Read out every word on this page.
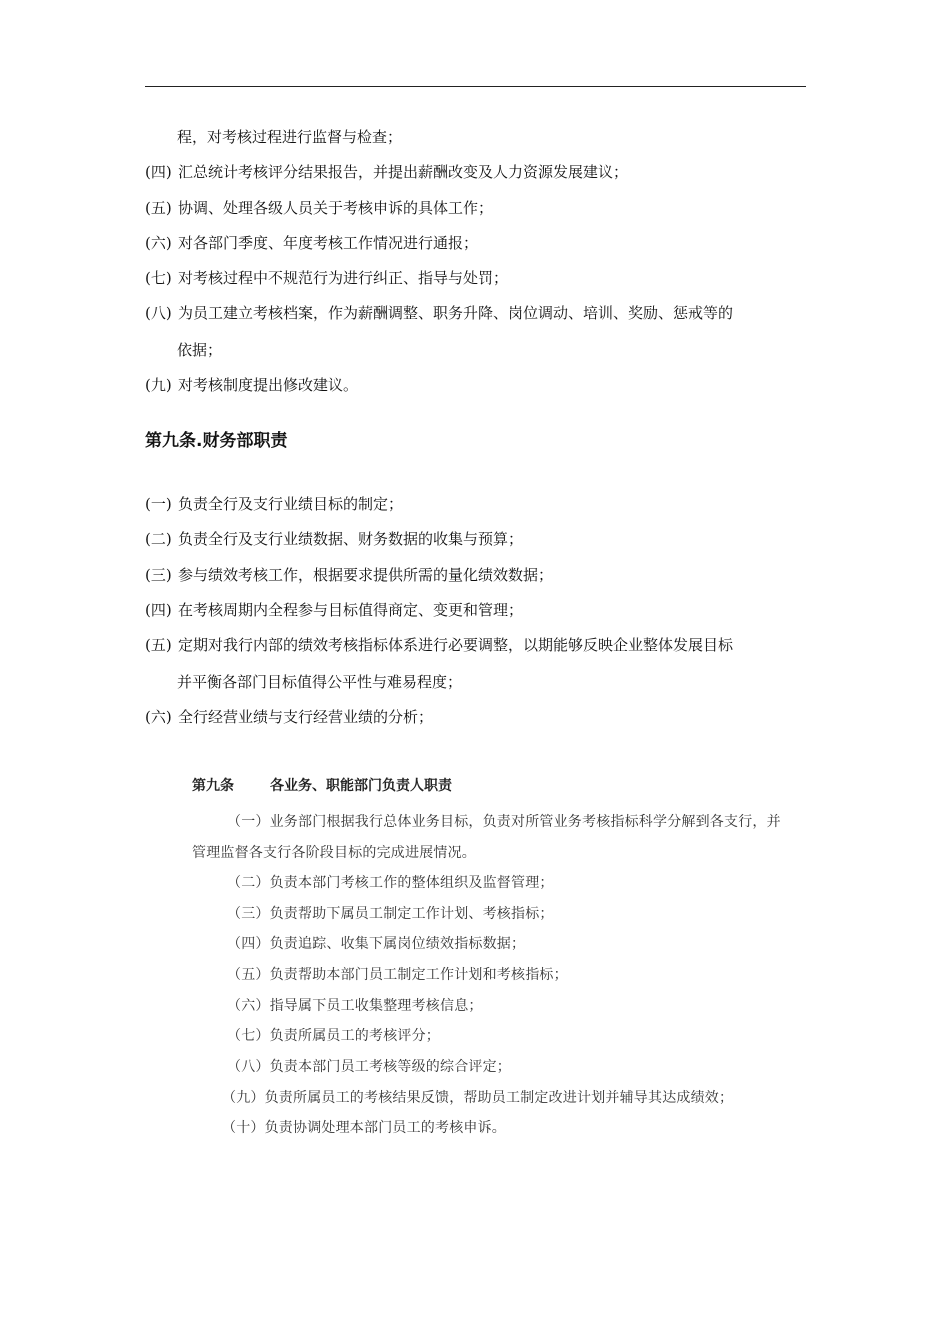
程，对考核过程进行监督与检查；
(四) 汇总统计考核评分结果报告，并提出薪酬改变及人力资源发展建议；
(五) 协调、处理各级人员关于考核申诉的具体工作；
(六) 对各部门季度、年度考核工作情况进行通报；
(七) 对考核过程中不规范行为进行纠正、指导与处罚；
(八) 为员工建立考核档案，作为薪酬调整、职务升降、岗位调动、培训、奖励、惩戒等的
依据；
(九) 对考核制度提出修改建议。
第九条.财务部职责
(一) 负责全行及支行业绩目标的制定；
(二) 负责全行及支行业绩数据、财务数据的收集与预算；
(三) 参与绩效考核工作，根据要求提供所需的量化绩效数据；
(四) 在考核周期内全程参与目标值得商定、变更和管理；
(五) 定期对我行内部的绩效考核指标体系进行必要调整，以期能够反映企业整体发展目标
并平衡各部门目标值得公平性与难易程度；
(六) 全行经营业绩与支行经营业绩的分析；
第九条	各业务、职能部门负责人职责
（一）业务部门根据我行总体业务目标，负责对所管业务考核指标科学分解到各支行，并
管理监督各支行各阶段目标的完成进展情况。
（二）负责本部门考核工作的整体组织及监督管理；
（三）负责帮助下属员工制定工作计划、考核指标；
（四）负责追踪、收集下属岗位绩效指标数据；
（五）负责帮助本部门员工制定工作计划和考核指标；
（六）指导属下员工收集整理考核信息；
（七）负责所属员工的考核评分；
（八）负责本部门员工考核等级的综合评定；
（九）负责所属员工的考核结果反馈，帮助员工制定改进计划并辅导其达成绩效；
（十）负责协调处理本部门员工的考核申诉。
